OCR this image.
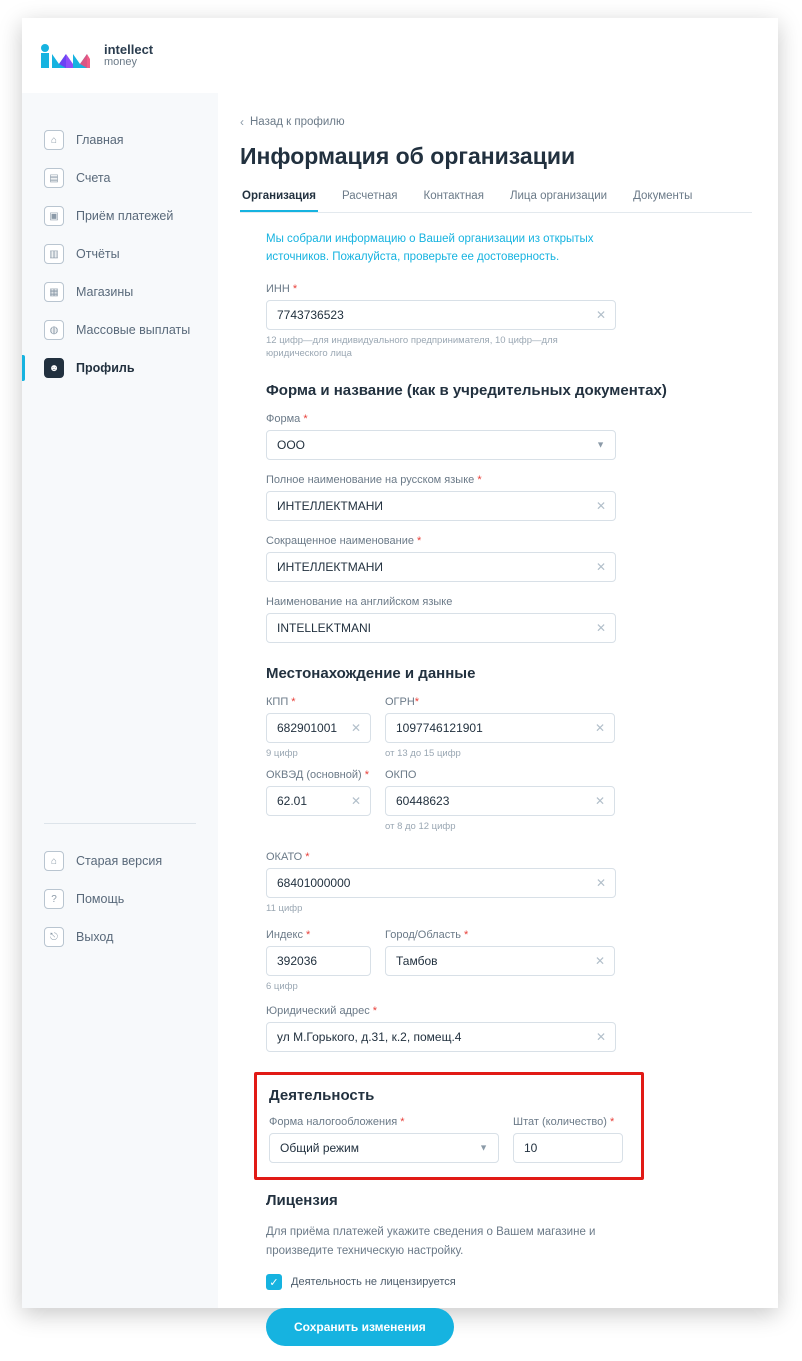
intellect
money
⌂	Главная
▤	Счета
▣	Приём платежей
▥	Отчёты
▦	Магазины
◍	Массовые выплаты
☻	Профиль
⌂	Старая версия
?	Помощь
⎋	Выход
‹ Назад к профилю
Информация об организации
Организация Расчетная Контактная Лица организации Документы
Мы собрали информацию о Вашей организации из открытых источников. Пожалуйста, проверьте ее достоверность.
ИНН *
7743736523	✕
12 цифр—для индивидуального предпринимателя, 10 цифр—для юридического лица
Форма и название (как в учредительных документах)
Форма *
ООО	▼
Полное наименование на русском языке *
ИНТЕЛЛЕКТМАНИ	✕
Сокращенное наименование *
ИНТЕЛЛЕКТМАНИ	✕
Наименование на английском языке
INTELLEKTMANI	✕
Местонахождение и данные
КПП *
682901001 ✕
9 цифр
ОГРН*
1097746121901	✕
от 13 до 15 цифр
ОКВЭД (основной) *
62.01	✕
ОКПО
60448623	✕
от 8 до 12 цифр
ОКАТО *
68401000000	✕
11 цифр
Индекс *
392036
6 цифр
Город/Область *
Тамбов	✕
Юридический адрес *
ул М.Горького, д.31, к.2, помещ.4	✕
Деятельность
Форма налогообложения *
Общий режим	▼
Штат (количество) *
10
Лицензия
Для приёма платежей укажите сведения о Вашем магазине и произведите техническую настройку.
✓	Деятельность не лицензируется
Сохранить изменения
